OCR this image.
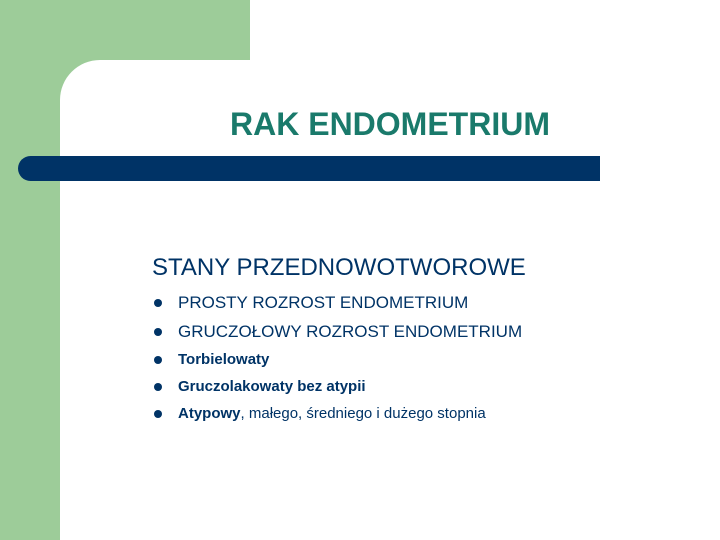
RAK ENDOMETRIUM
STANY PRZEDNOWOTWOROWE
PROSTY ROZROST ENDOMETRIUM
GRUCZOŁOWY ROZROST ENDOMETRIUM
Torbielowaty
Gruczolakowaty bez atypii
Atypowy, małego, średniego i dużego stopnia
